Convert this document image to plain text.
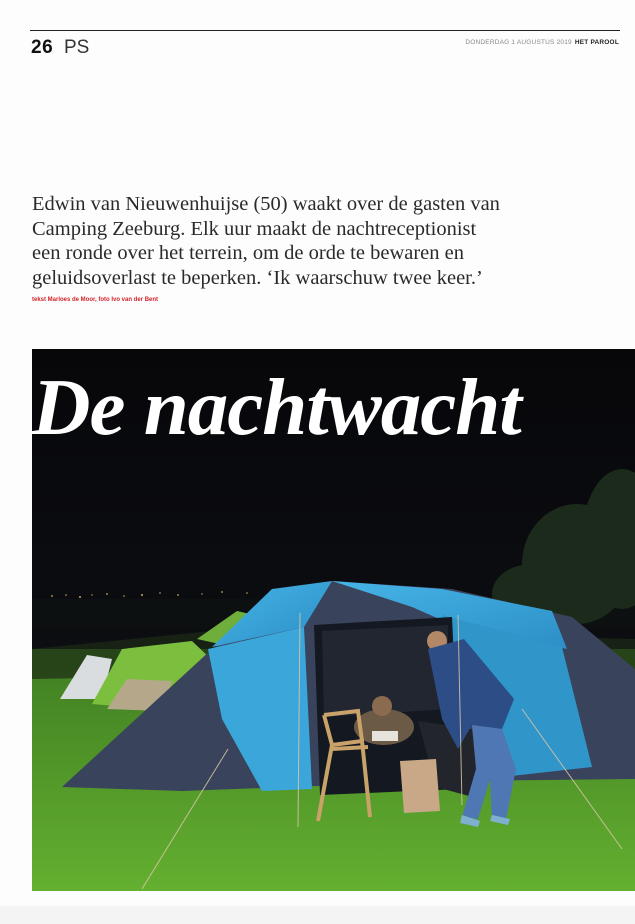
26 PS	DONDERDAG 1 AUGUSTUS 2019 HET PAROOL
Edwin van Nieuwenhuijse (50) waakt over de gasten van
Camping Zeeburg. Elk uur maakt de nachtreceptionist
een ronde over het terrein, om de orde te bewaren en
geluidsoverlast te beperken. ‘Ik waarschuw twee keer.’
tekst Marloes de Moor, foto Ivo van der Bent
De nachtwacht
